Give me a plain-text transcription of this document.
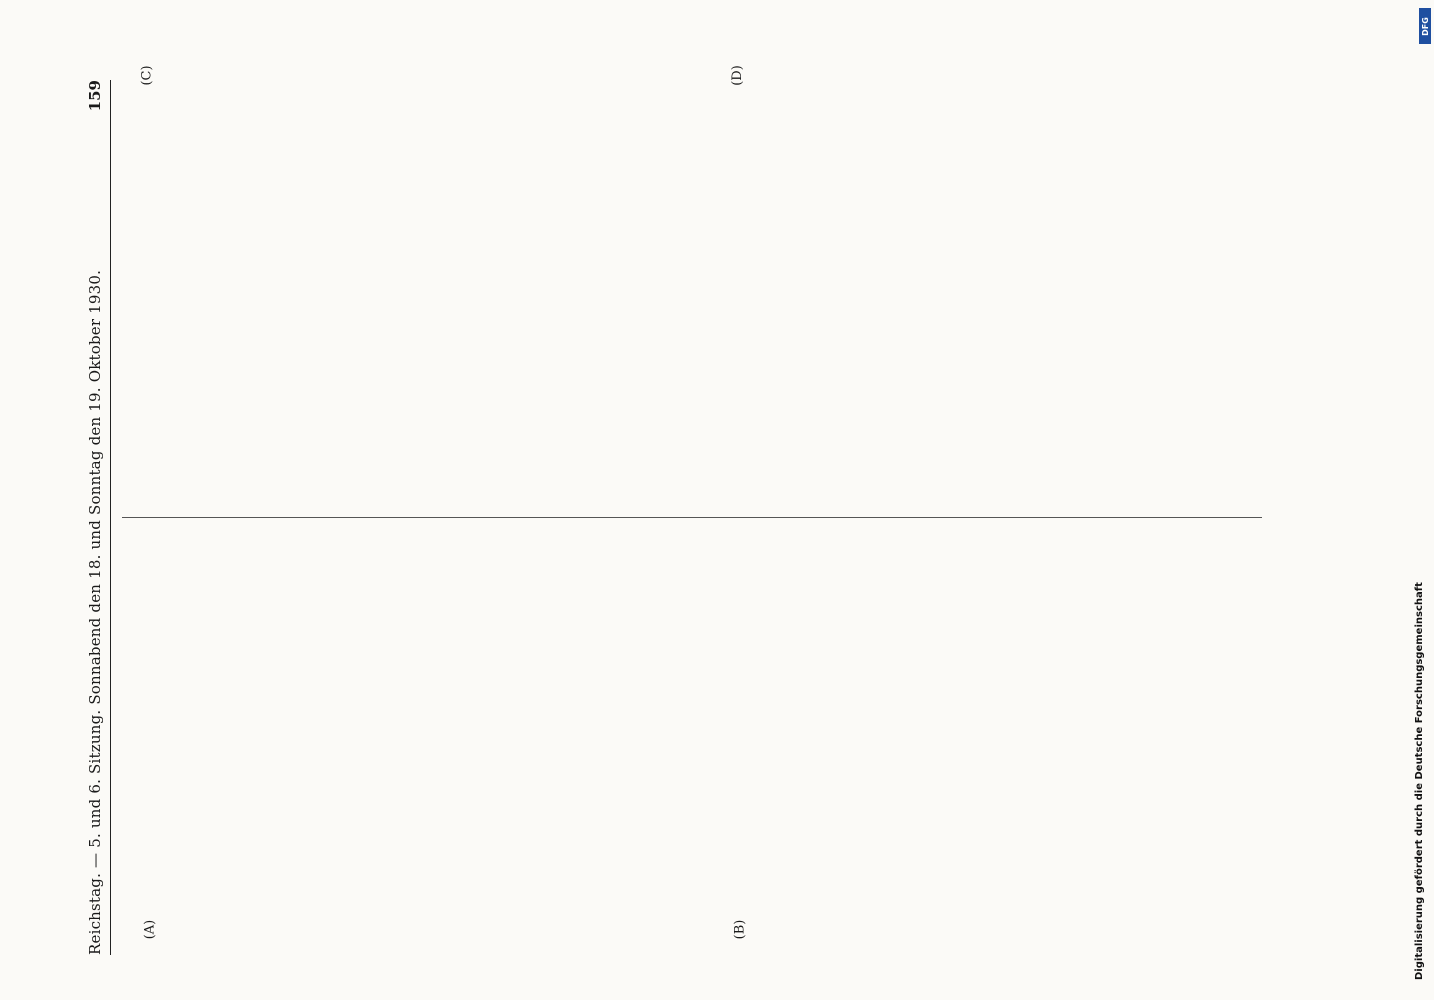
Reichstag. — 5. und 6. Sitzung. Sonnabend den 18. und Sonntag den 19. Oktober 1930.
159
(A)	(B)
(C)	(D)
DFG
Digitalisierung gefördert durch die Deutsche Forschungsgemeinschaft
